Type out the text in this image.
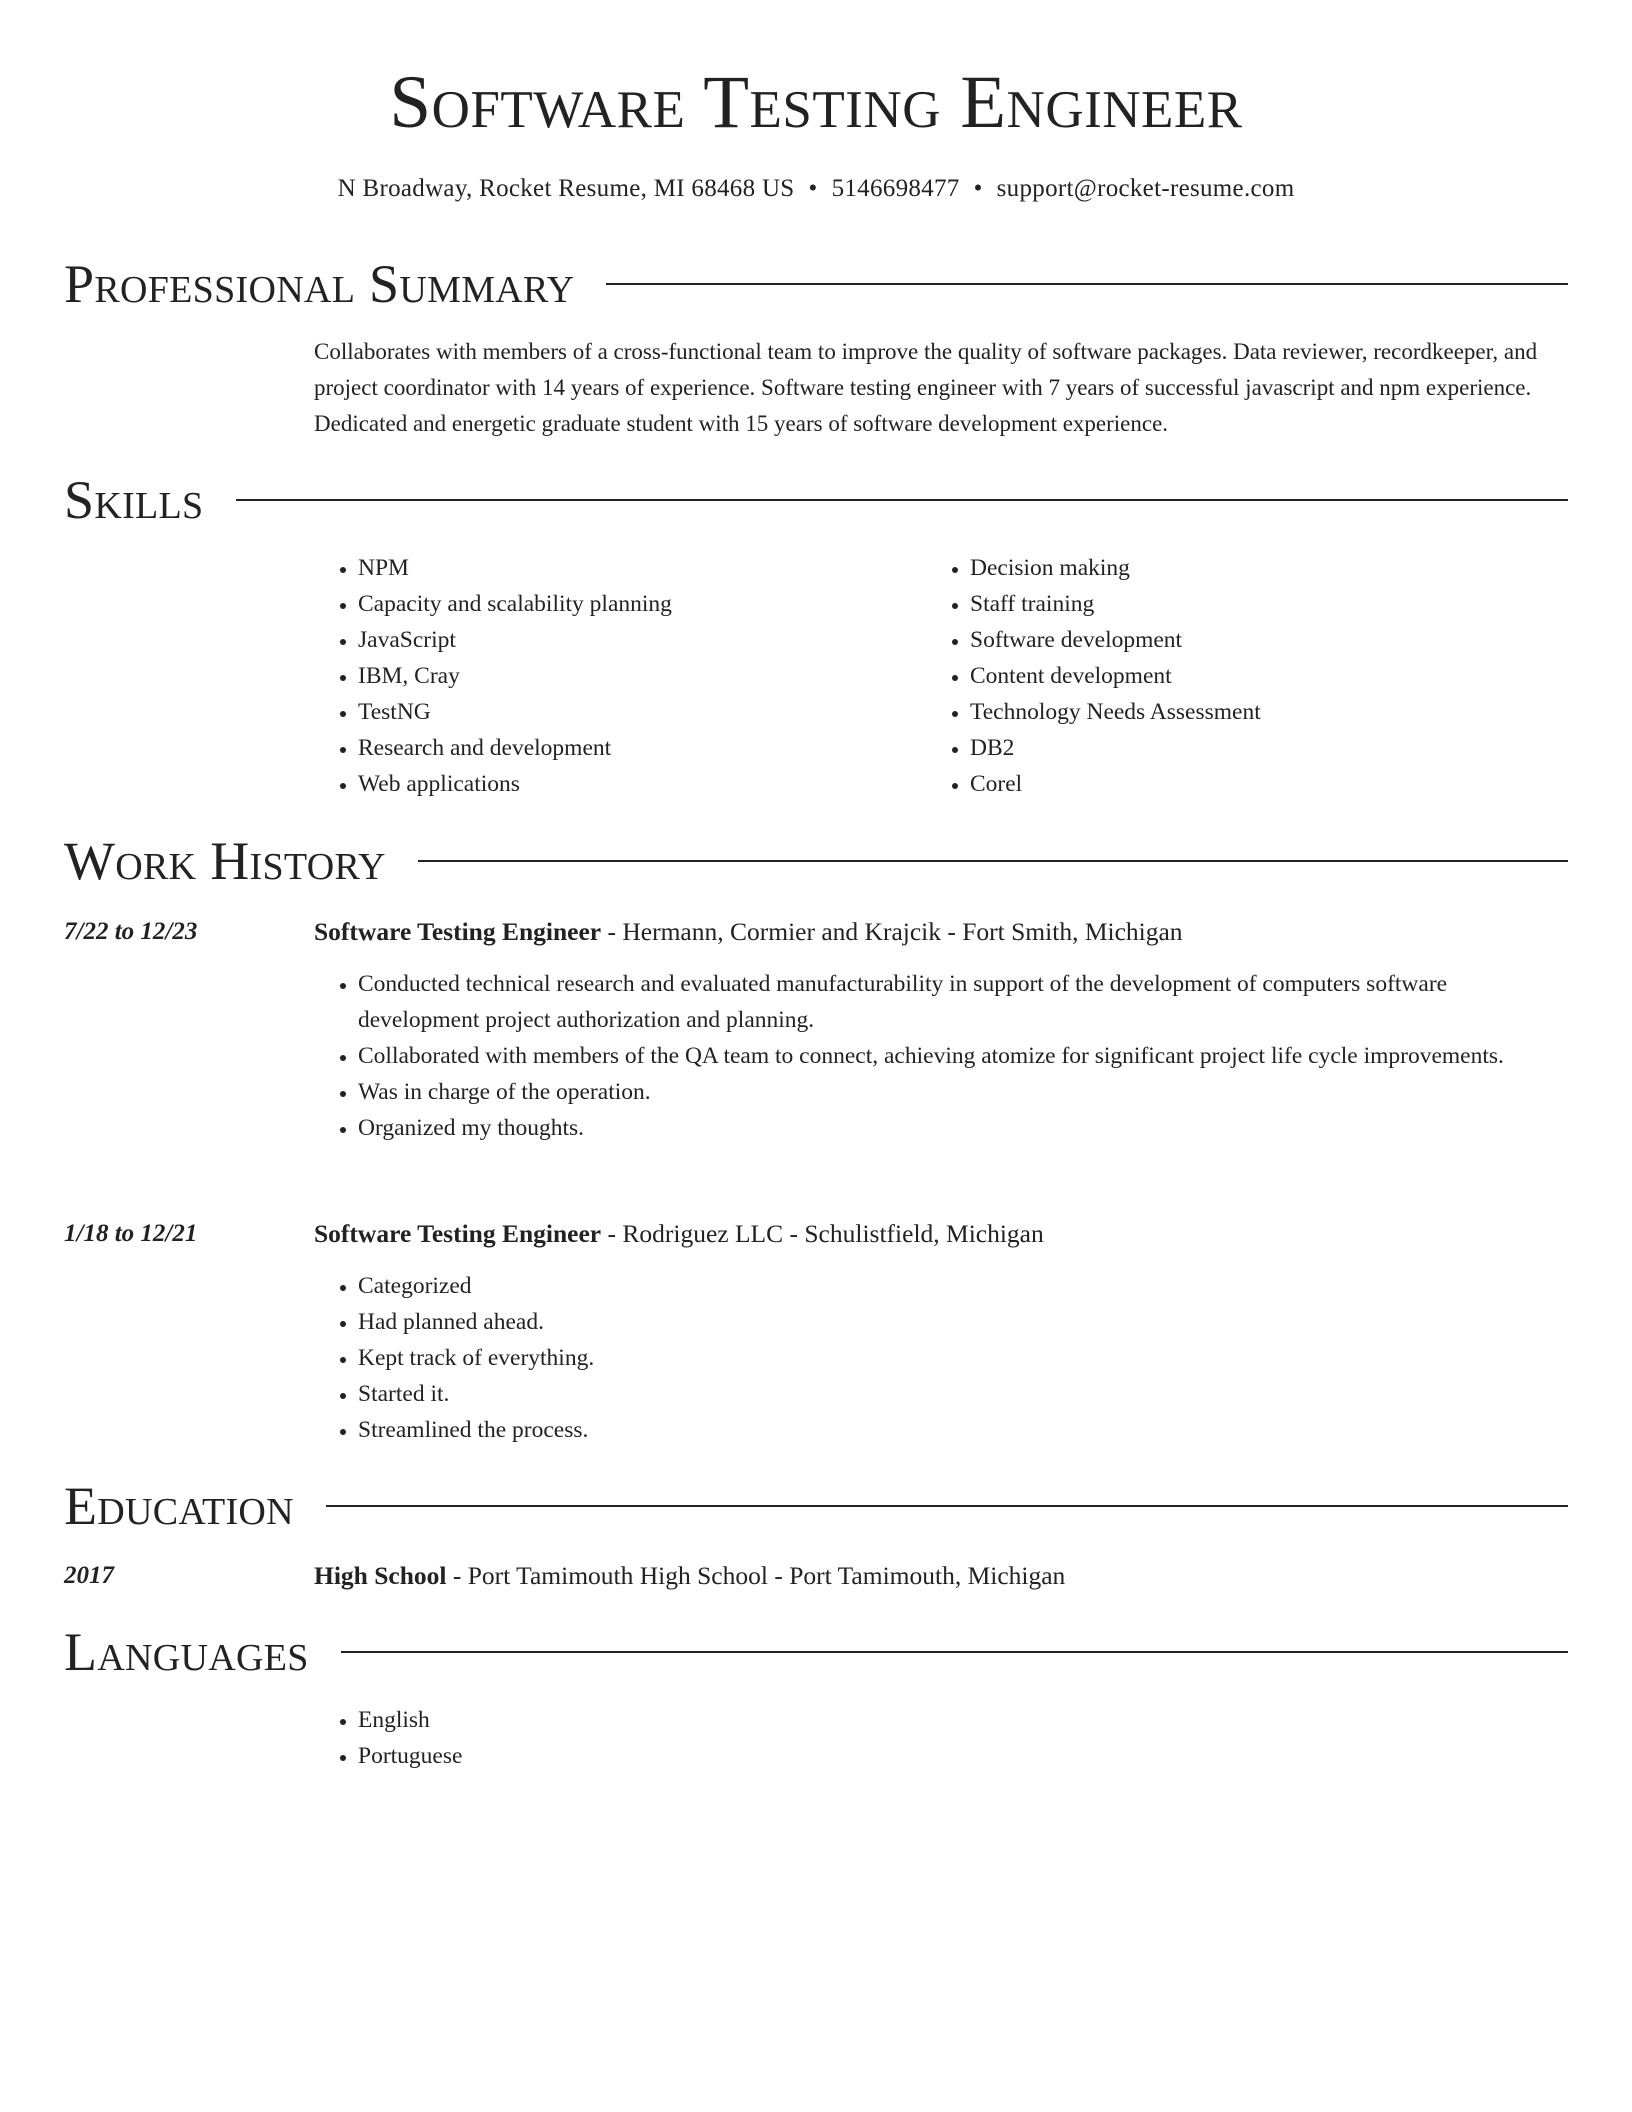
Software Testing Engineer
N Broadway, Rocket Resume, MI 68468 US • 5146698477 • support@rocket-resume.com
Professional Summary
Collaborates with members of a cross-functional team to improve the quality of software packages. Data reviewer, recordkeeper, and project coordinator with 14 years of experience. Software testing engineer with 7 years of successful javascript and npm experience. Dedicated and energetic graduate student with 15 years of software development experience.
Skills
• NPM
• Capacity and scalability planning
• JavaScript
• IBM, Cray
• TestNG
• Research and development
• Web applications
• Decision making
• Staff training
• Software development
• Content development
• Technology Needs Assessment
• DB2
• Corel
Work History
7/22 to 12/23	Software Testing Engineer - Hermann, Cormier and Krajcik - Fort Smith, Michigan
• Conducted technical research and evaluated manufacturability in support of the development of computers software development project authorization and planning.
• Collaborated with members of the QA team to connect, achieving atomize for significant project life cycle improvements.
• Was in charge of the operation.
• Organized my thoughts.
1/18 to 12/21	Software Testing Engineer - Rodriguez LLC - Schulistfield, Michigan
• Categorized
• Had planned ahead.
• Kept track of everything.
• Started it.
• Streamlined the process.
Education
2017	High School - Port Tamimouth High School - Port Tamimouth, Michigan
Languages
• English
• Portuguese
